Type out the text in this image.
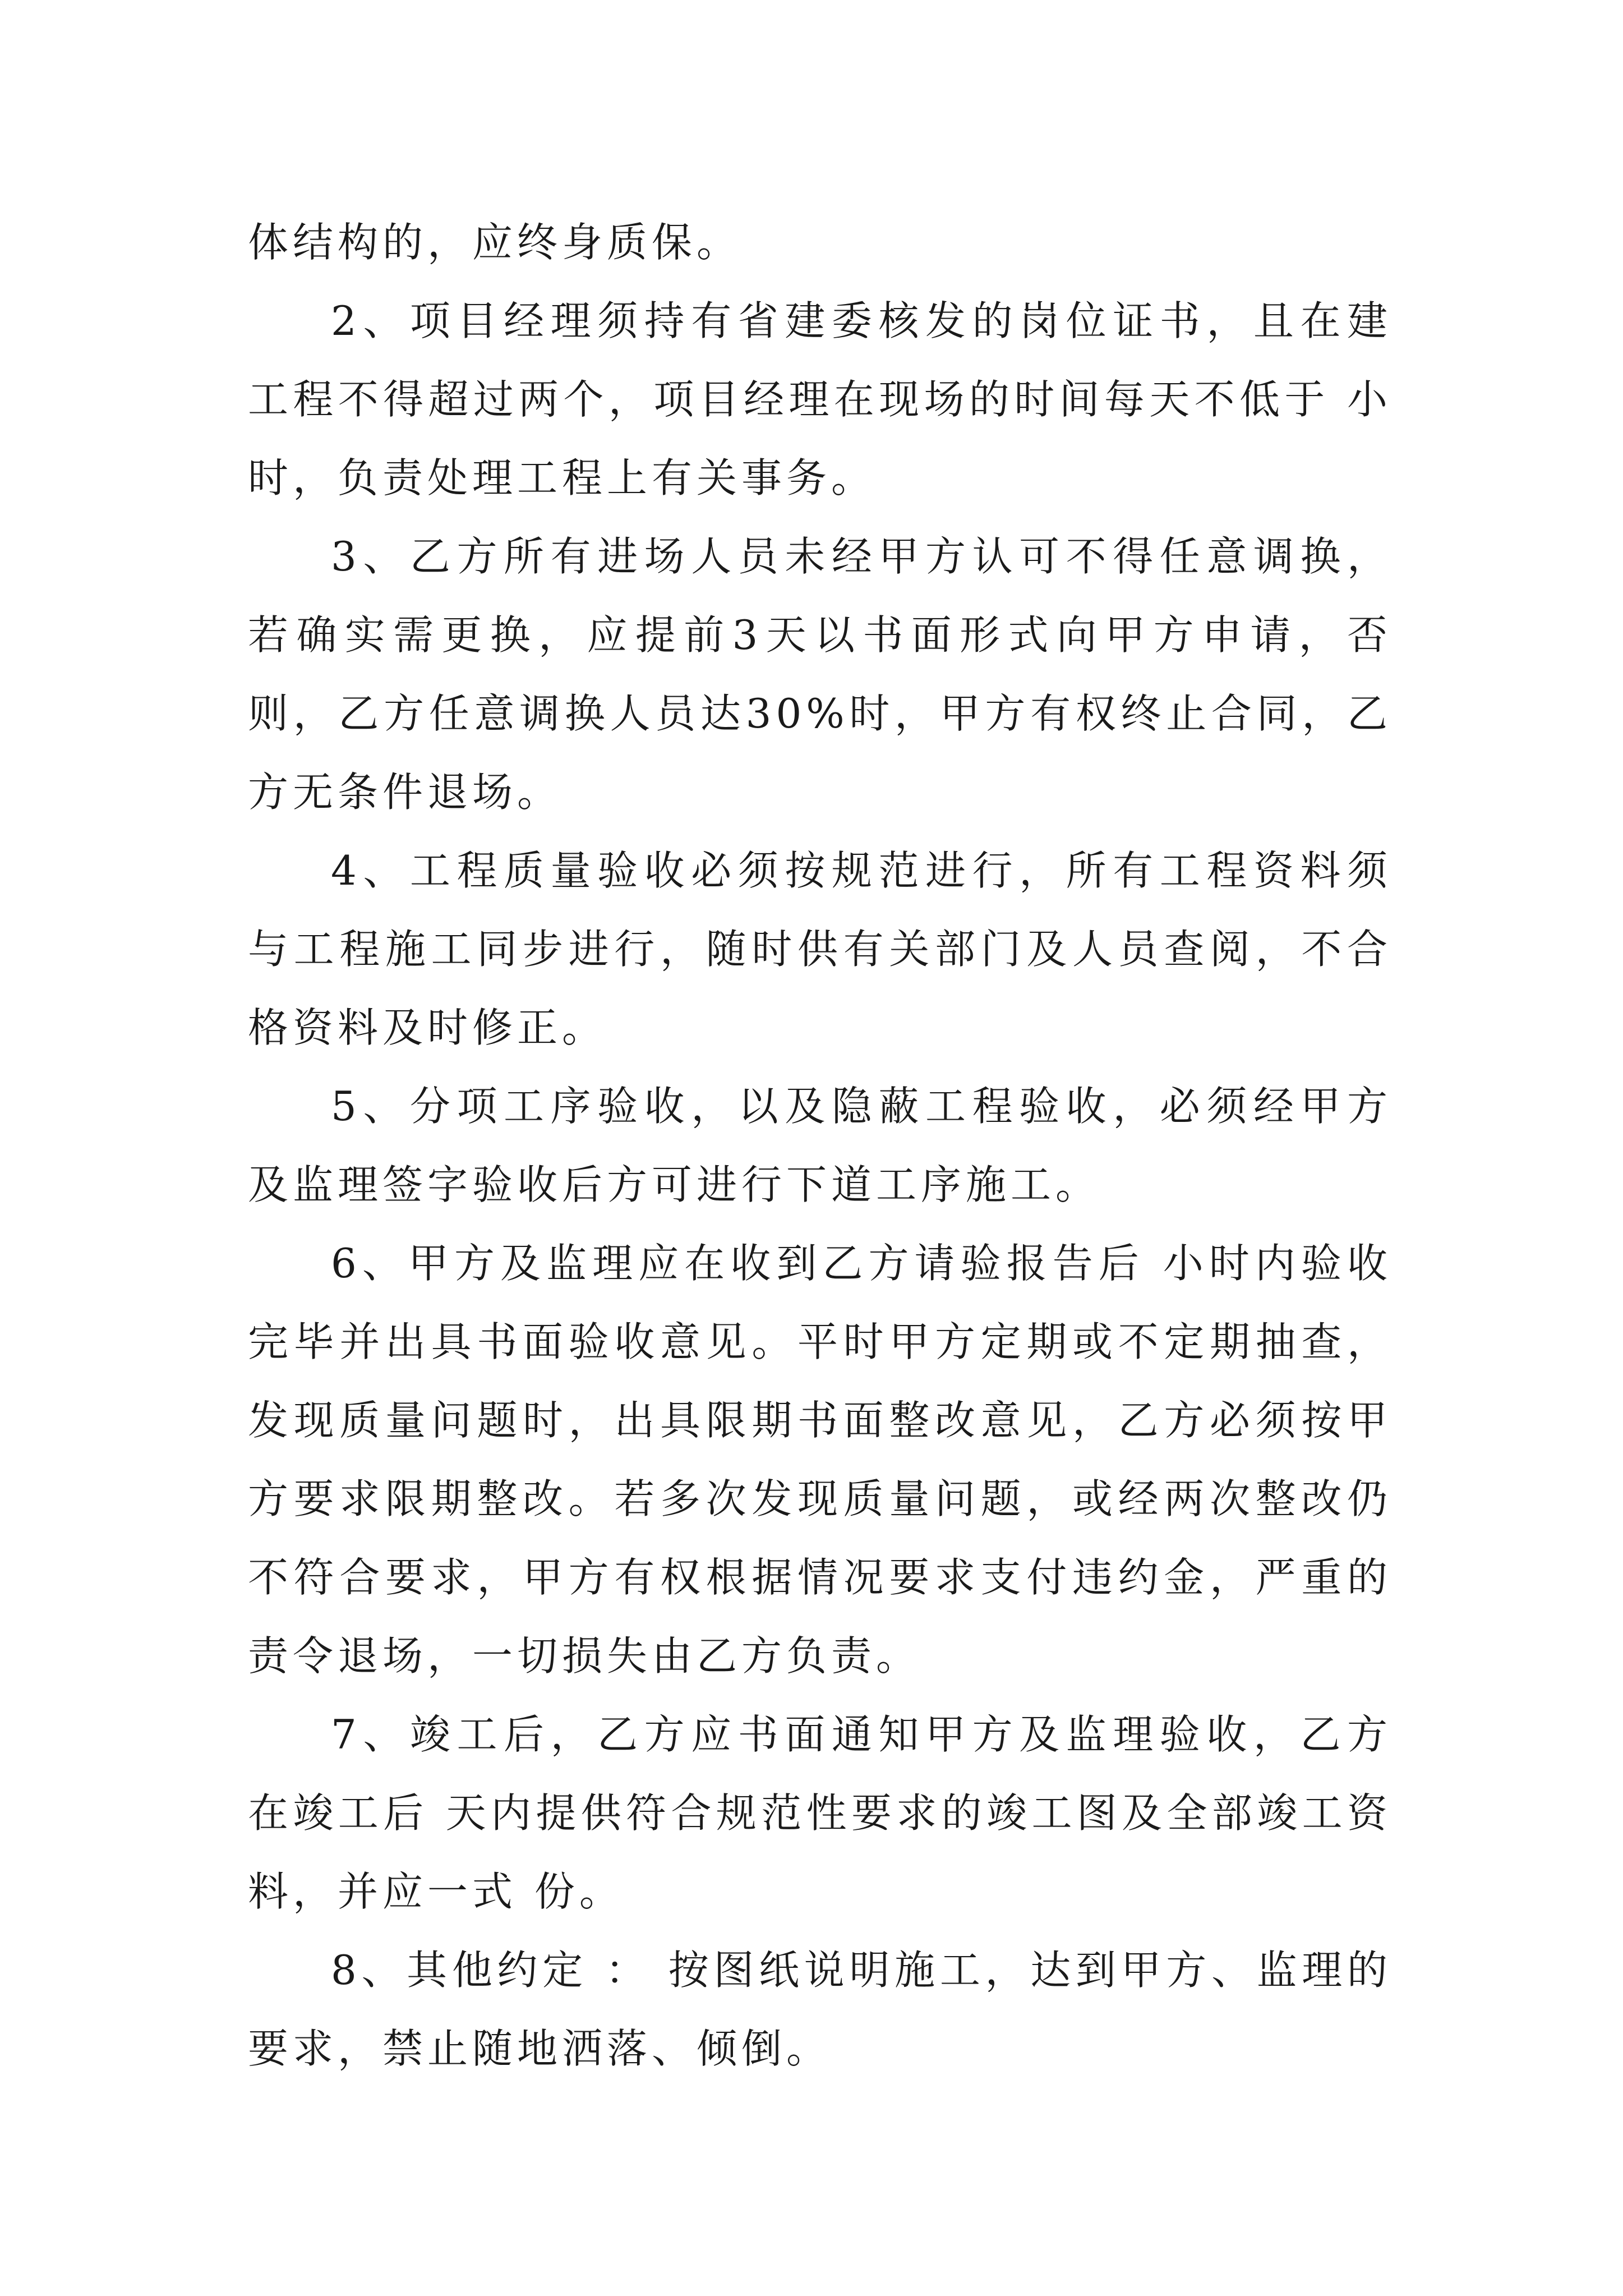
体结构的，应终身质保。

2、项目经理须持有省建委核发的岗位证书，且在建工程不得超过两个，项目经理在现场的时间每天不低于 小时，负责处理工程上有关事务。

3、乙方所有进场人员未经甲方认可不得任意调换，若确实需更换，应提前3天以书面形式向甲方申请，否则，乙方任意调换人员达30%时，甲方有权终止合同，乙方无条件退场。

4、工程质量验收必须按规范进行，所有工程资料须与工程施工同步进行，随时供有关部门及人员查阅，不合格资料及时修正。

5、分项工序验收，以及隐蔽工程验收，必须经甲方及监理签字验收后方可进行下道工序施工。

6、甲方及监理应在收到乙方请验报告后 小时内验收完毕并出具书面验收意见。平时甲方定期或不定期抽查，发现质量问题时，出具限期书面整改意见，乙方必须按甲方要求限期整改。若多次发现质量问题，或经两次整改仍不符合要求，甲方有权根据情况要求支付违约金，严重的责令退场，一切损失由乙方负责。

7、竣工后，乙方应书面通知甲方及监理验收，乙方在竣工后 天内提供符合规范性要求的竣工图及全部竣工资料，并应一式 份。

8、其他约定 ： 按图纸说明施工，达到甲方、监理的要求，禁止随地洒落、倾倒。
